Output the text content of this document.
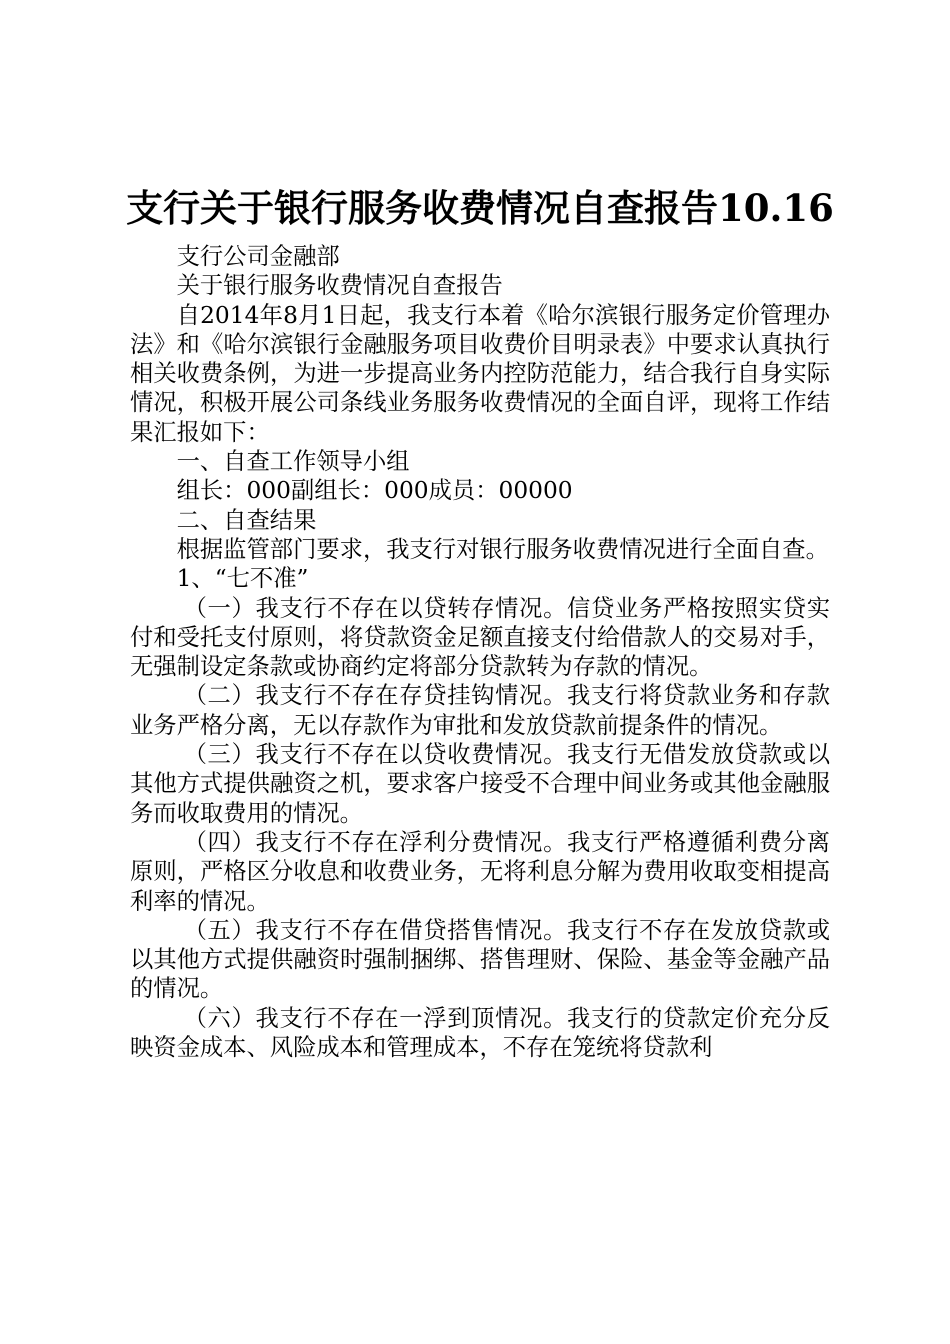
支行关于银行服务收费情况自查报告10.16

支行公司金融部

关于银行服务收费情况自查报告

自2014年8月1日起，我支行本着《哈尔滨银行服务定价管理办法》和《哈尔滨银行金融服务项目收费价目明录表》中要求认真执行相关收费条例，为进一步提高业务内控防范能力，结合我行自身实际情况，积极开展公司条线业务服务收费情况的全面自评，现将工作结果汇报如下：

一、自查工作领导小组

组长：000副组长：000成员：00000

二、自查结果

根据监管部门要求，我支行对银行服务收费情况进行全面自查。

1、“七不准”

（一）我支行不存在以贷转存情况。信贷业务严格按照实贷实付和受托支付原则，将贷款资金足额直接支付给借款人的交易对手，无强制设定条款或协商约定将部分贷款转为存款的情况。

（二）我支行不存在存贷挂钩情况。我支行将贷款业务和存款业务严格分离，无以存款作为审批和发放贷款前提条件的情况。

（三）我支行不存在以贷收费情况。我支行无借发放贷款或以其他方式提供融资之机，要求客户接受不合理中间业务或其他金融服务而收取费用的情况。

（四）我支行不存在浮利分费情况。我支行严格遵循利费分离原则，严格区分收息和收费业务，无将利息分解为费用收取变相提高利率的情况。

（五）我支行不存在借贷搭售情况。我支行不存在发放贷款或以其他方式提供融资时强制捆绑、搭售理财、保险、基金等金融产品的情况。

（六）我支行不存在一浮到顶情况。我支行的贷款定价充分反映资金成本、风险成本和管理成本，不存在笼统将贷款利
